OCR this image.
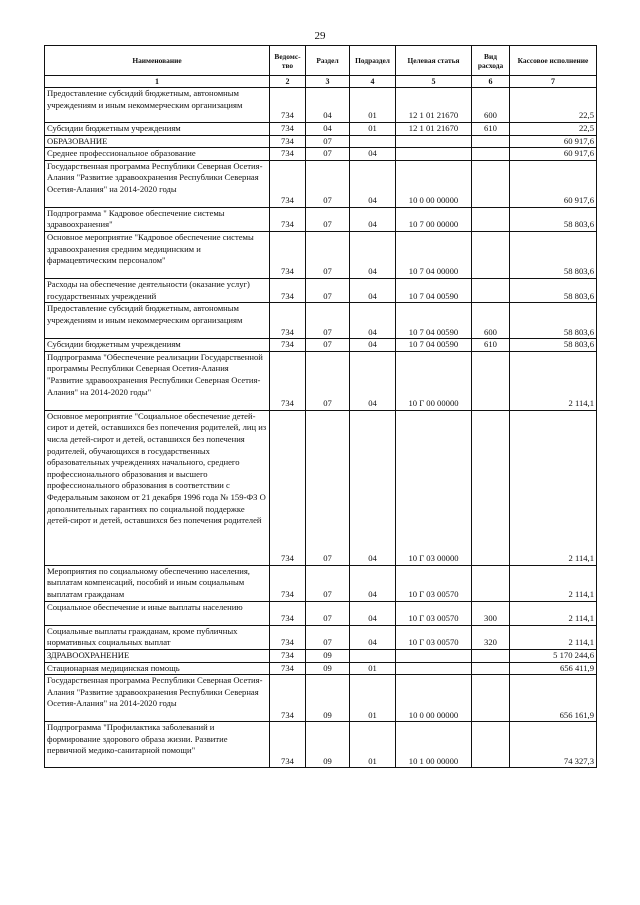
29
Наименование	Ведомс-тво	Раздел	Подраздел	Целевая статья	Вид расхода	Кассовое исполнение
1	2	3	4	5	6	7
Предоставление субсидий бюджетным, автономным учреждениям и иным некоммерческим организациям	734	04	01	12 1 01 21670	600	22,5
Субсидии бюджетным учреждениям	734	04	01	12 1 01 21670	610	22,5
ОБРАЗОВАНИЕ	734	07				60 917,6
Среднее профессиональное образование	734	07	04			60 917,6
Государственная программа Республики Северная Осетия-Алания "Развитие здравоохранения Республики Северная Осетия-Алания" на 2014-2020 годы	734	07	04	10 0 00 00000		60 917,6
Подпрограмма " Кадровое обеспечение системы здравоохранения"	734	07	04	10 7 00 00000		58 803,6
Основное мероприятие "Кадровое обеспечение системы здравоохранения средним медицинским и фармацевтическим персоналом"	734	07	04	10 7 04 00000		58 803,6
Расходы на обеспечение деятельности (оказание услуг) государственных учреждений	734	07	04	10 7 04 00590		58 803,6
Предоставление субсидий бюджетным, автономным учреждениям и иным некоммерческим организациям	734	07	04	10 7 04 00590	600	58 803,6
Субсидии бюджетным учреждениям	734	07	04	10 7 04 00590	610	58 803,6
Подпрограмма "Обеспечение реализации Государственной программы Республики Северная Осетия-Алания "Развитие здравоохранения Республики Северная Осетия-Алания" на 2014-2020 годы"	734	07	04	10 Г 00 00000		2 114,1
Основное мероприятие "Социальное обеспечение детей-сирот и детей, оставшихся без попечения родителей, лиц из числа детей-сирот и детей, оставшихся без попечения родителей, обучающихся в государственных образовательных учреждениях начального, среднего профессионального образования и высшего профессионального образования в соответствии с Федеральным законом от 21 декабря 1996 года № 159-ФЗ О дополнительных гарантиях по социальной поддержке детей-сирот и детей, оставшихся без попечения родителей	734	07	04	10 Г 03 00000		2 114,1
Мероприятия по социальному обеспечению населения, выплатам компенсаций, пособий и иным социальным выплатам гражданам	734	07	04	10 Г 03 00570		2 114,1
Социальное обеспечение и иные выплаты населению	734	07	04	10 Г 03 00570	300	2 114,1
Социальные выплаты гражданам, кроме публичных нормативных социальных выплат	734	07	04	10 Г 03 00570	320	2 114,1
ЗДРАВООХРАНЕНИЕ	734	09				5 170 244,6
Стационарная медицинская помощь	734	09	01			656 411,9
Государственная программа Республики Северная Осетия-Алания "Развитие здравоохранения Республики Северная Осетия-Алания" на 2014-2020 годы	734	09	01	10 0 00 00000		656 161,9
Подпрограмма "Профилактика заболеваний и формирование здорового образа жизни. Развитие первичной медико-санитарной помощи"	734	09	01	10 1 00 00000		74 327,3
